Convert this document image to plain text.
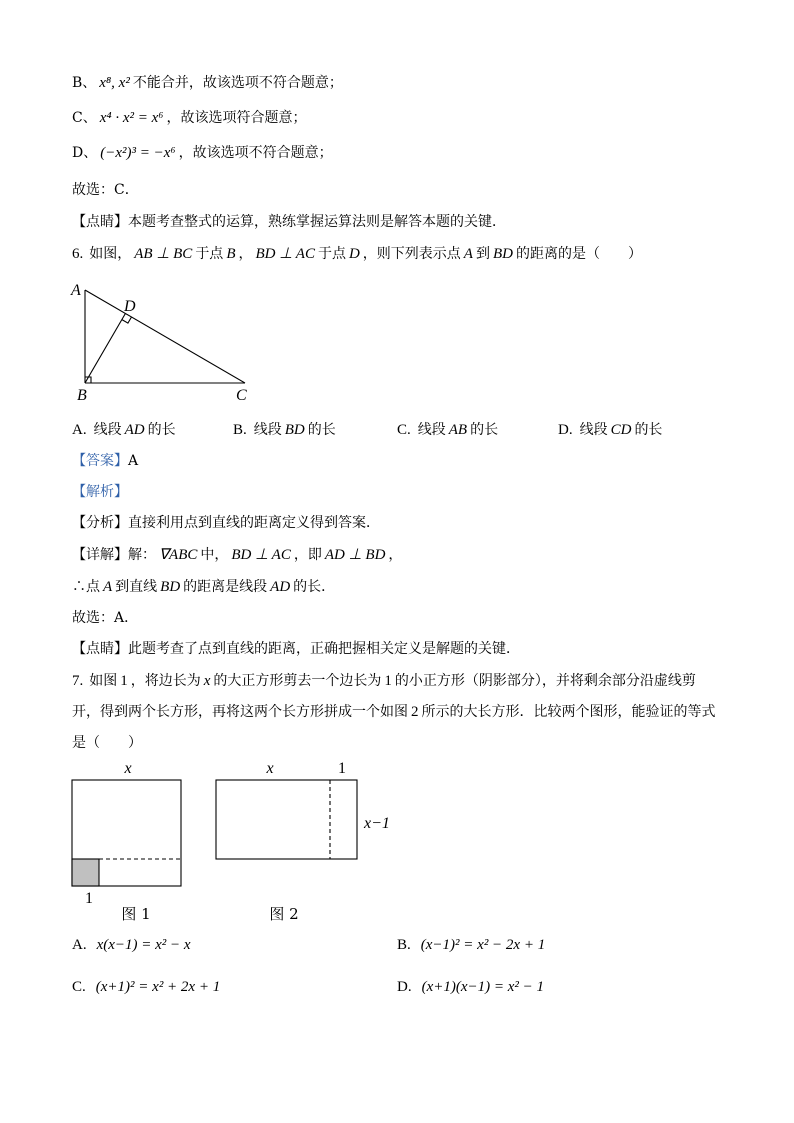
B、 x⁸, x² 不能合并，故该选项不符合题意；
C、 x⁴ · x² = x⁶ ，故该选项符合题意；
D、 (−x²)³ = −x⁶ ，故该选项不符合题意；
故选：C．
【点睛】本题考查整式的运算，熟练掌握运算法则是解答本题的关键．
6. 如图， AB ⊥ BC 于点 B ， BD ⊥ AC 于点 D ，则下列表示点 A 到 BD 的距离的是（　　）
A
D
B	C
A. 线段 AD 的长	B. 线段 BD 的长	C. 线段 AB 的长	D. 线段 CD 的长
【答案】A
【解析】
【分析】直接利用点到直线的距离定义得到答案．
【详解】解： ∇ABC 中， BD ⊥ AC ，即 AD ⊥ BD ，
∴点 A 到直线 BD 的距离是线段 AD 的长．
故选：A．
【点睛】此题考查了点到直线的距离，正确把握相关定义是解题的关键．
7. 如图 1 ，将边长为 x 的大正方形剪去一个边长为 1 的小正方形（阴影部分），并将剩余部分沿虚线剪
开，得到两个长方形，再将这两个长方形拼成一个如图 2 所示的大长方形．比较两个图形，能验证的等式
是（　　）
x
1
图 1
x	1
x−1
图 2
A. x(x−1) = x² − x	B. (x−1)² = x² − 2x + 1
C. (x+1)² = x² + 2x + 1	D. (x+1)(x−1) = x² − 1
